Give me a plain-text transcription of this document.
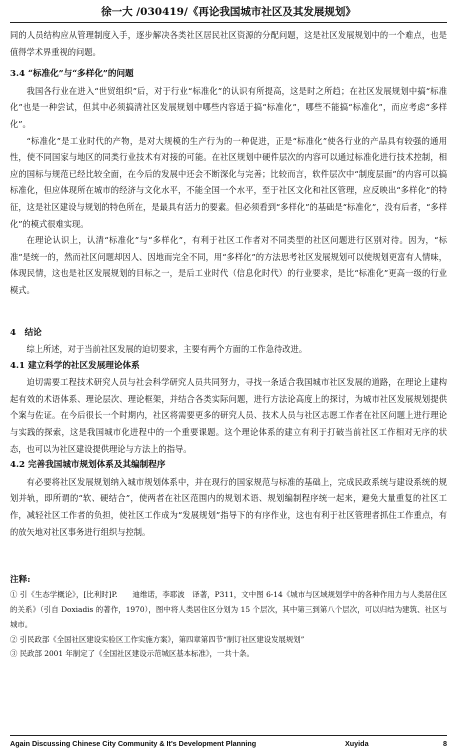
徐一大 /030419/《再论我国城市社区及其发展规划》

同的人员结构应从管理制度入手，逐步解决各类社区居民社区资源的分配问题，这是社区发展规划中的一个难点，也是值得学术界重视的问题。

3.4 “标准化”与“多样化”的问题

我国各行业在进入“世贸组织”后，对于行业“标准化”的认识有所提高，这是时之所趋；在社区发展规划中搞“标准化”也是一种尝试，但其中必须搞清社区发展规划中哪些内容适于搞“标准化”，哪些不能搞“标准化”，而应考虑“多样化”。

“标准化”是工业时代的产物，是对大规模的生产行为的一种促进，正是“标准化”使各行业的产品具有较强的通用性，使不同国家与地区的同类行业技术有对接的可能。在社区规划中硬件层次的内容可以通过标准化进行技术控制，相应的国标与规范已经比较全面，在今后的发展中还会不断深化与完善；比较而言，软件层次中“制度层面”的内容可以搞标准化，但应体现所在城市的经济与文化水平，不能全国一个水平，至于社区文化和社区管理，应反映出“多样化”的特征，这是社区建设与规划的特色所在，是最具有活力的要素。但必须看到“多样化”的基础是“标准化”，没有后者，“多样化”的模式很难实现。

在理论认识上，认清“标准化”与“多样化”，有利于社区工作者对不同类型的社区问题进行区别对待。因为，“标准”是统一的，然而社区问题却因人、因地而完全不同，用“多样化”的方法思考社区发展规划可以使规划更富有人情味，体现民情，这也是社区发展规划的目标之一，是后工业时代（信息化时代）的行业要求，是比“标准化”更高一级的行业模式。

4　结论

综上所述，对于当前社区发展的迫切要求，主要有两个方面的工作急待改进。

4.1 建立科学的社区发展理论体系

迫切需要工程技术研究人员与社会科学研究人员共同努力，寻找一条适合我国城市社区发展的道路，在理论上建构起有效的术语体系、理论层次、理论框架，并结合各类实际问题，进行方法论高度上的探讨，为城市社区发展规划提供个案与佐证。在今后很长一个时期内，社区将需要更多的研究人员、技术人员与社区志愿工作者在社区问题上进行理论与实践的探索，这是我国城市化进程中的一个重要课题。这个理论体系的建立有利于打破当前社区工作相对无序的状态，也可以为社区建设提供理论与方法上的指导。

4.2 完善我国城市规划体系及其编制程序

有必要将社区发展规划纳入城市规划体系中，并在现行的国家规范与标准的基础上，完成民政系统与建设系统的规划并轨，即所谓的“软、硬结合”，使两者在社区范围内的规划术语、规划编制程序统一起来，避免大量重复的社区工作，减轻社区工作者的负担，使社区工作成为“发展规划”指导下的有序作业，这也有利于社区管理者抓住工作重点，有的放矢地对社区事务进行组织与控制。

注释:

① 引《生态学概论》，[比利时]P.　　迪维诺，李耶波　译著，P311，文中图 6-14《城市与区域规划学中的各种作用力与人类居住区的关系》（引自 Doxiadis 的著作，1970），图中将人类居住区分划为 15 个层次，其中第三到第八个层次，可以归结为建筑、社区与城市。

② 引民政部《全国社区建设实验区工作实施方案》，第四章第四节“制订社区建设发展规划”

③ 民政部 2001 年制定了《全国社区建设示范城区基本标准》，一共十条。

Again Discussing Chinese City Community & It's Development Planning	Xuyida	8
